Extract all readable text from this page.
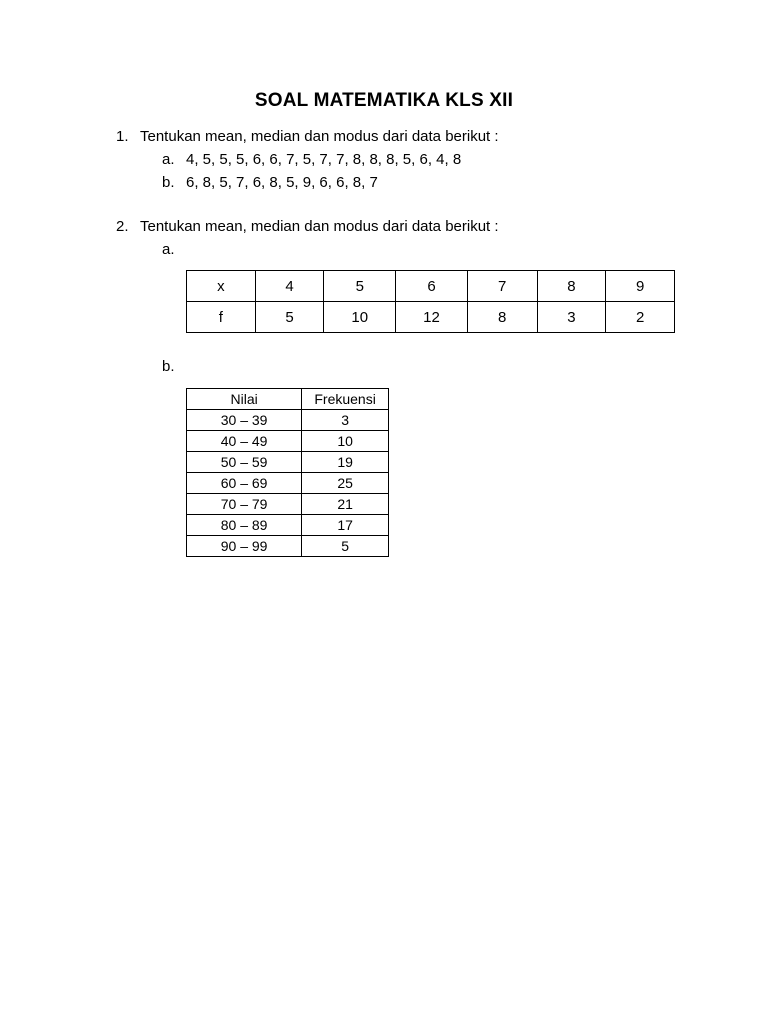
SOAL MATEMATIKA KLS XII
1. Tentukan mean, median dan modus dari data berikut :
a. 4, 5, 5, 5, 6, 6, 7, 5, 7, 7, 8, 8, 8, 5, 6, 4, 8
b. 6, 8, 5, 7, 6, 8, 5, 9, 6, 6, 8, 7
2. Tentukan mean, median dan modus dari data berikut :
a.
x	4	5	6	7	8	9
f	5	10	12	8	3	2
b.
Nilai	Frekuensi
30 – 39	3
40 – 49	10
50 – 59	19
60 – 69	25
70 – 79	21
80 – 89	17
90 – 99	5
